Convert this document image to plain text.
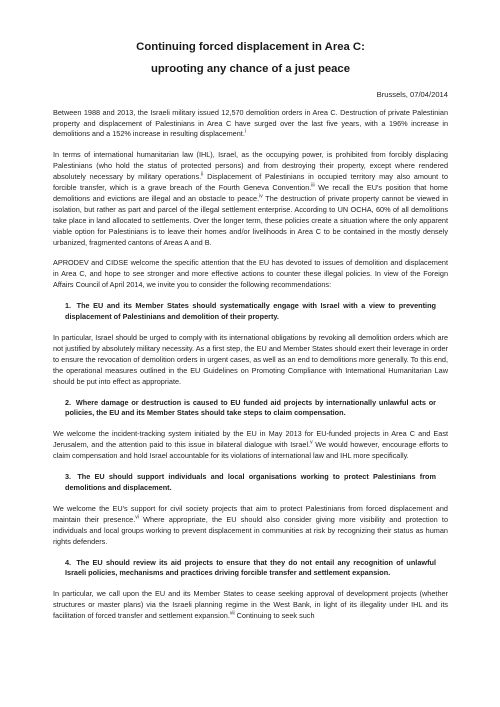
Continuing forced displacement in Area C:
uprooting any chance of a just peace
Brussels, 07/04/2014

Between 1988 and 2013, the Israeli military issued 12,570 demolition orders in Area C. Destruction of private Palestinian property and displacement of Palestinians in Area C have surged over the last five years, with a 196% increase in demolitions and a 152% increase in resulting displacement.$^i$

In terms of international humanitarian law (IHL), Israel, as the occupying power, is prohibited from forcibly displacing Palestinians (who hold the status of protected persons) and from destroying their property, except where rendered absolutely necessary by military operations.$^{ii}$ Displacement of Palestinians in occupied territory may also amount to forcible transfer, which is a grave breach of the Fourth Geneva Convention.$^{iii}$ We recall the EU's position that home demolitions and evictions are illegal and an obstacle to peace.$^{iv}$ The destruction of private property cannot be viewed in isolation, but rather as part and parcel of the illegal settlement enterprise. According to UN OCHA, 60% of all demolitions take place in land allocated to settlements. Over the longer term, these policies create a situation where the only apparent viable option for Palestinians is to leave their homes and/or livelihoods in Area C to be contained in the mostly densely urbanized, fragmented cantons of Areas A and B.

APRODEV and CIDSE welcome the specific attention that the EU has devoted to issues of demolition and displacement in Area C, and hope to see stronger and more effective actions to counter these illegal policies. In view of the Foreign Affairs Council of April 2014, we invite you to consider the following recommendations:

1. The EU and its Member States should systematically engage with Israel with a view to preventing displacement of Palestinians and demolition of their property.

In particular, Israel should be urged to comply with its international obligations by revoking all demolition orders which are not justified by absolutely military necessity. As a first step, the EU and Member States should exert their leverage in order to ensure the revocation of demolition orders in urgent cases, as well as an end to demolitions more generally. To this end, the operational measures outlined in the EU Guidelines on Promoting Compliance with International Humanitarian Law should be put into effect as appropriate.

2. Where damage or destruction is caused to EU funded aid projects by internationally unlawful acts or policies, the EU and its Member States should take steps to claim compensation.

We welcome the incident-tracking system initiated by the EU in May 2013 for EU-funded projects in Area C and East Jerusalem, and the attention paid to this issue in bilateral dialogue with Israel.$^v$ We would however, encourage efforts to claim compensation and hold Israel accountable for its violations of international law and IHL more specifically.

3. The EU should support individuals and local organisations working to protect Palestinians from demolitions and displacement.

We welcome the EU's support for civil society projects that aim to protect Palestinians from forced displacement and maintain their presence.$^{vi}$ Where appropriate, the EU should also consider giving more visibility and protection to individuals and local groups working to prevent displacement in communities at risk by recognizing their status as human rights defenders.

4. The EU should review its aid projects to ensure that they do not entail any recognition of unlawful Israeli policies, mechanisms and practices driving forcible transfer and settlement expansion.

In particular, we call upon the EU and its Member States to cease seeking approval of development projects (whether structures or master plans) via the Israeli planning regime in the West Bank, in light of its illegality under IHL and its facilitation of forced transfer and settlement expansion.$^{vii}$ Continuing to seek such
